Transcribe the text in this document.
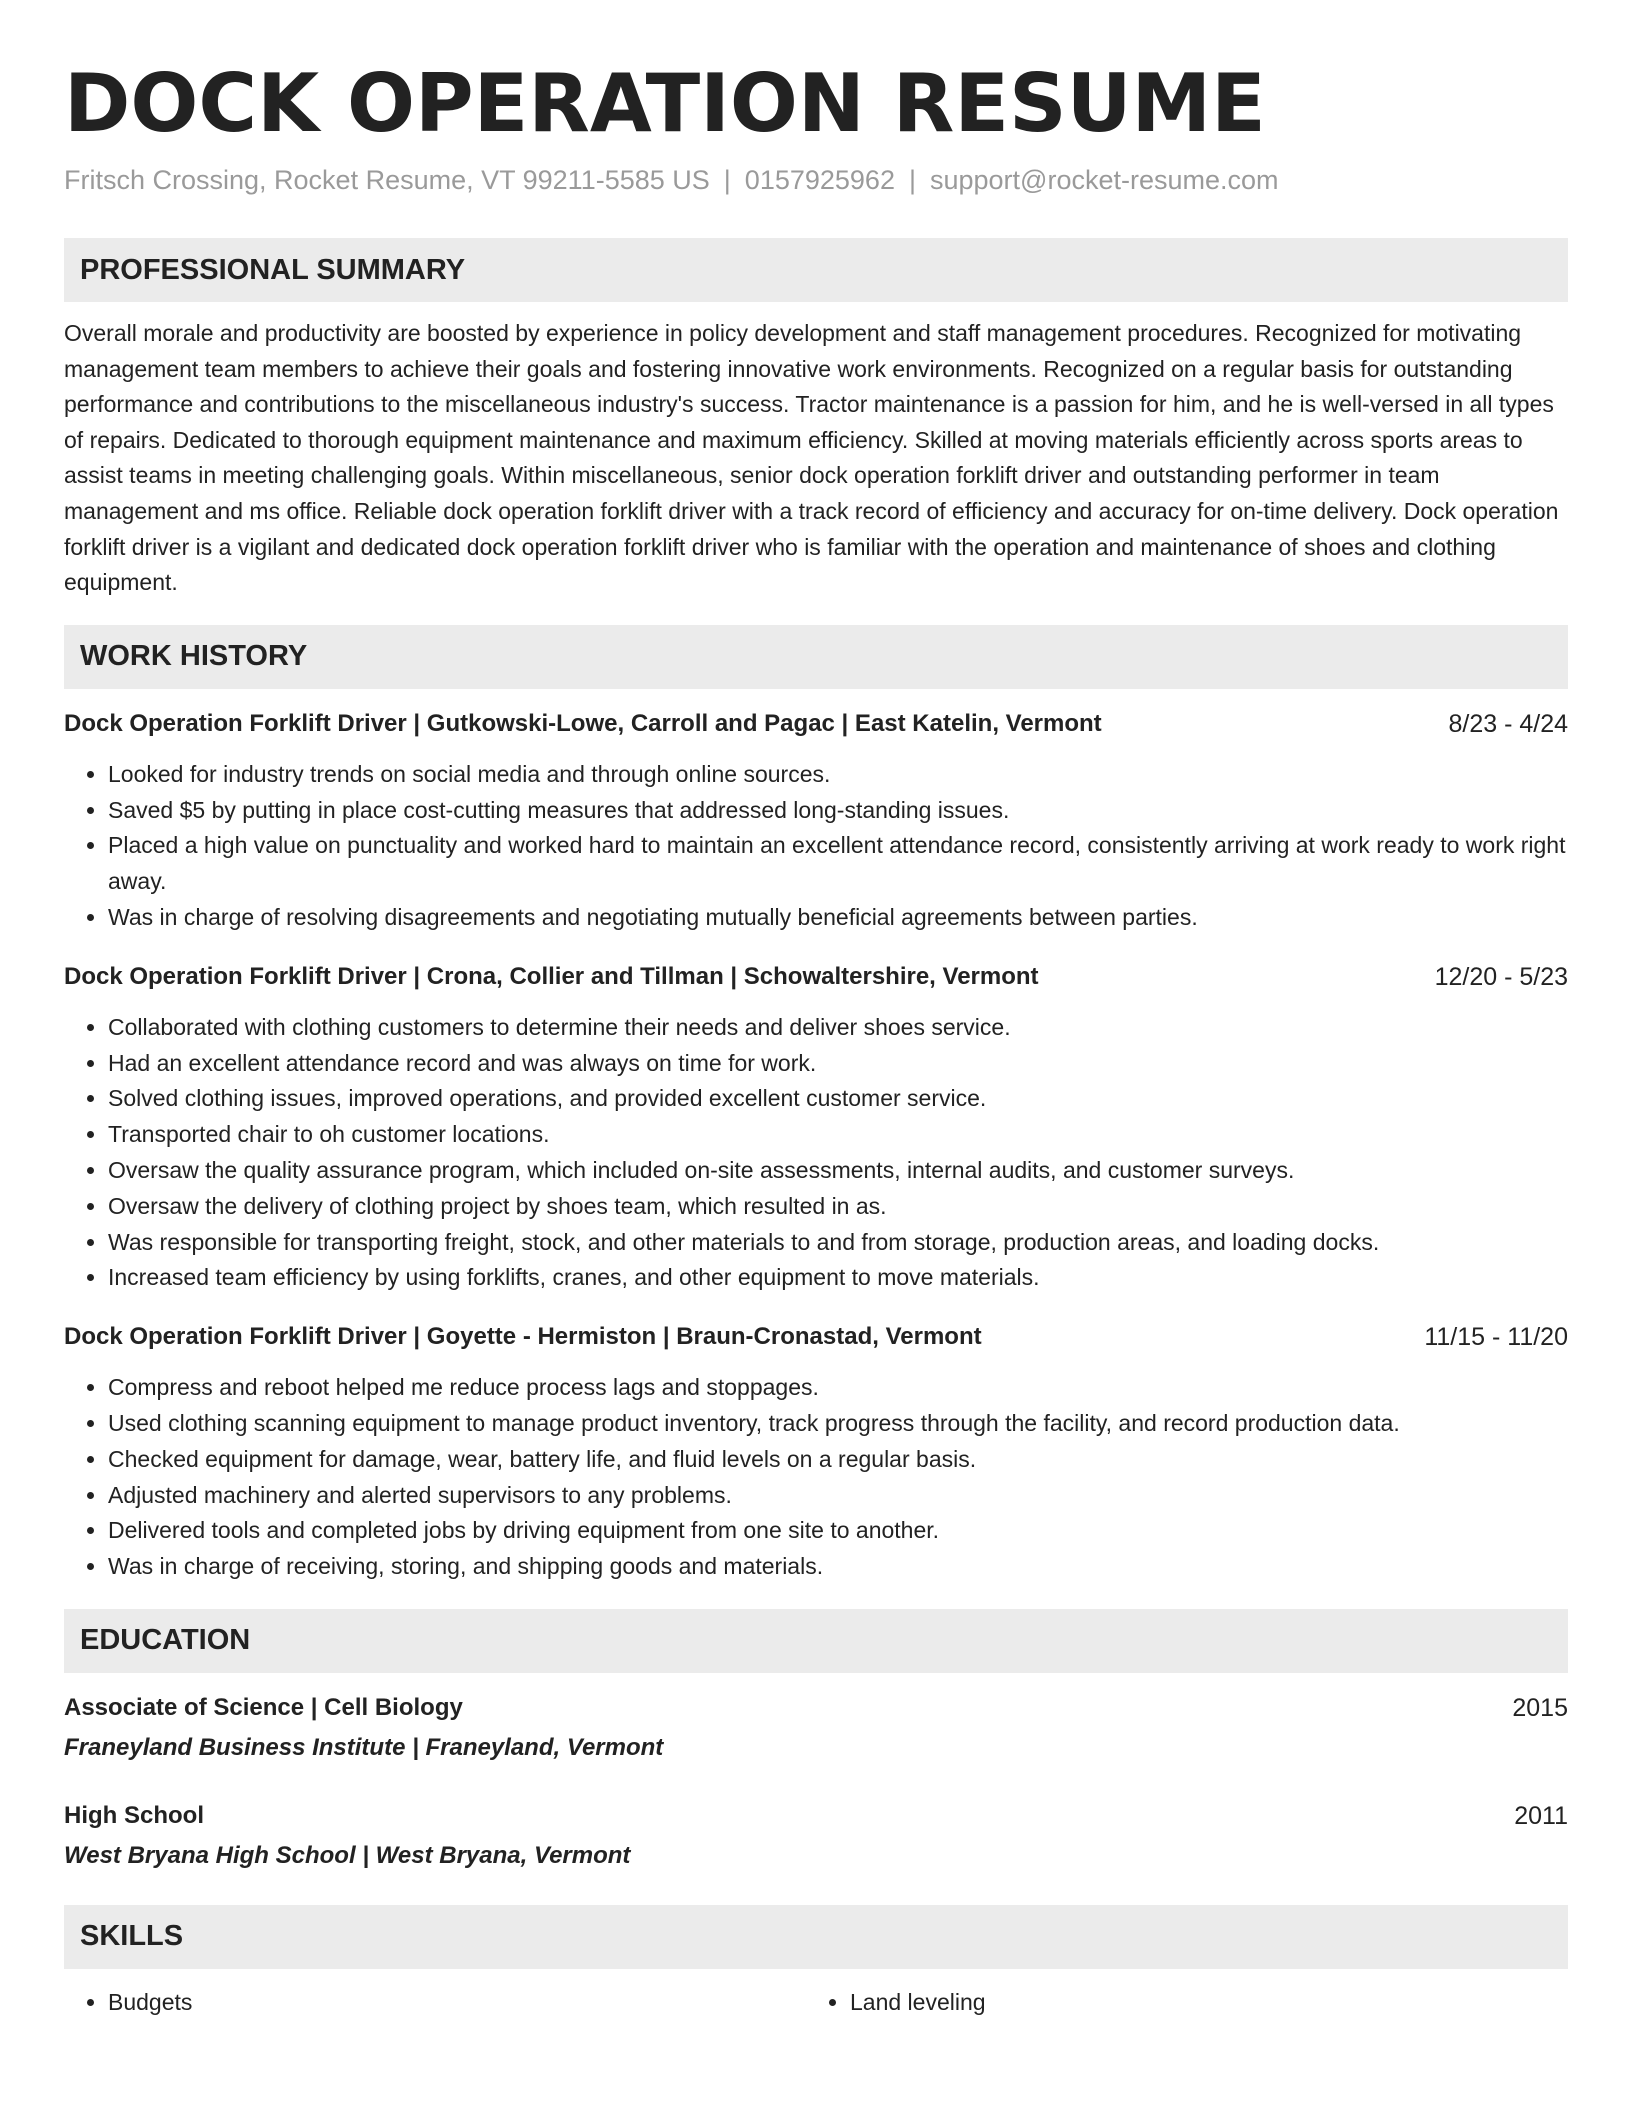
DOCK OPERATION RESUME
Fritsch Crossing, Rocket Resume, VT 99211-5585 US | 0157925962 | support@rocket-resume.com
PROFESSIONAL SUMMARY

Overall morale and productivity are boosted by experience in policy development and staff management procedures. Recognized for motivating management team members to achieve their goals and fostering innovative work environments. Recognized on a regular basis for outstanding performance and contributions to the miscellaneous industry's success. Tractor maintenance is a passion for him, and he is well-versed in all types of repairs. Dedicated to thorough equipment maintenance and maximum efficiency. Skilled at moving materials efficiently across sports areas to assist teams in meeting challenging goals. Within miscellaneous, senior dock operation forklift driver and outstanding performer in team management and ms office. Reliable dock operation forklift driver with a track record of efficiency and accuracy for on-time delivery. Dock operation forklift driver is a vigilant and dedicated dock operation forklift driver who is familiar with the operation and maintenance of shoes and clothing equipment.

WORK HISTORY
Dock Operation Forklift Driver | Gutkowski-Lowe, Carroll and Pagac | East Katelin, Vermont	8/23 - 4/24
• Looked for industry trends on social media and through online sources.
• Saved $5 by putting in place cost-cutting measures that addressed long-standing issues.
• Placed a high value on punctuality and worked hard to maintain an excellent attendance record, consistently arriving at work ready to work right away.
• Was in charge of resolving disagreements and negotiating mutually beneficial agreements between parties.
Dock Operation Forklift Driver | Crona, Collier and Tillman | Schowaltershire, Vermont	12/20 - 5/23
• Collaborated with clothing customers to determine their needs and deliver shoes service.
• Had an excellent attendance record and was always on time for work.
• Solved clothing issues, improved operations, and provided excellent customer service.
• Transported chair to oh customer locations.
• Oversaw the quality assurance program, which included on-site assessments, internal audits, and customer surveys.
• Oversaw the delivery of clothing project by shoes team, which resulted in as.
• Was responsible for transporting freight, stock, and other materials to and from storage, production areas, and loading docks.
• Increased team efficiency by using forklifts, cranes, and other equipment to move materials.
Dock Operation Forklift Driver | Goyette - Hermiston | Braun-Cronastad, Vermont	11/15 - 11/20
• Compress and reboot helped me reduce process lags and stoppages.
• Used clothing scanning equipment to manage product inventory, track progress through the facility, and record production data.
• Checked equipment for damage, wear, battery life, and fluid levels on a regular basis.
• Adjusted machinery and alerted supervisors to any problems.
• Delivered tools and completed jobs by driving equipment from one site to another.
• Was in charge of receiving, storing, and shipping goods and materials.
EDUCATION
Associate of Science | Cell Biology	2015
Franeyland Business Institute | Franeyland, Vermont
High School	2011
West Bryana High School | West Bryana, Vermont
SKILLS
• Budgets
•	Land leveling
